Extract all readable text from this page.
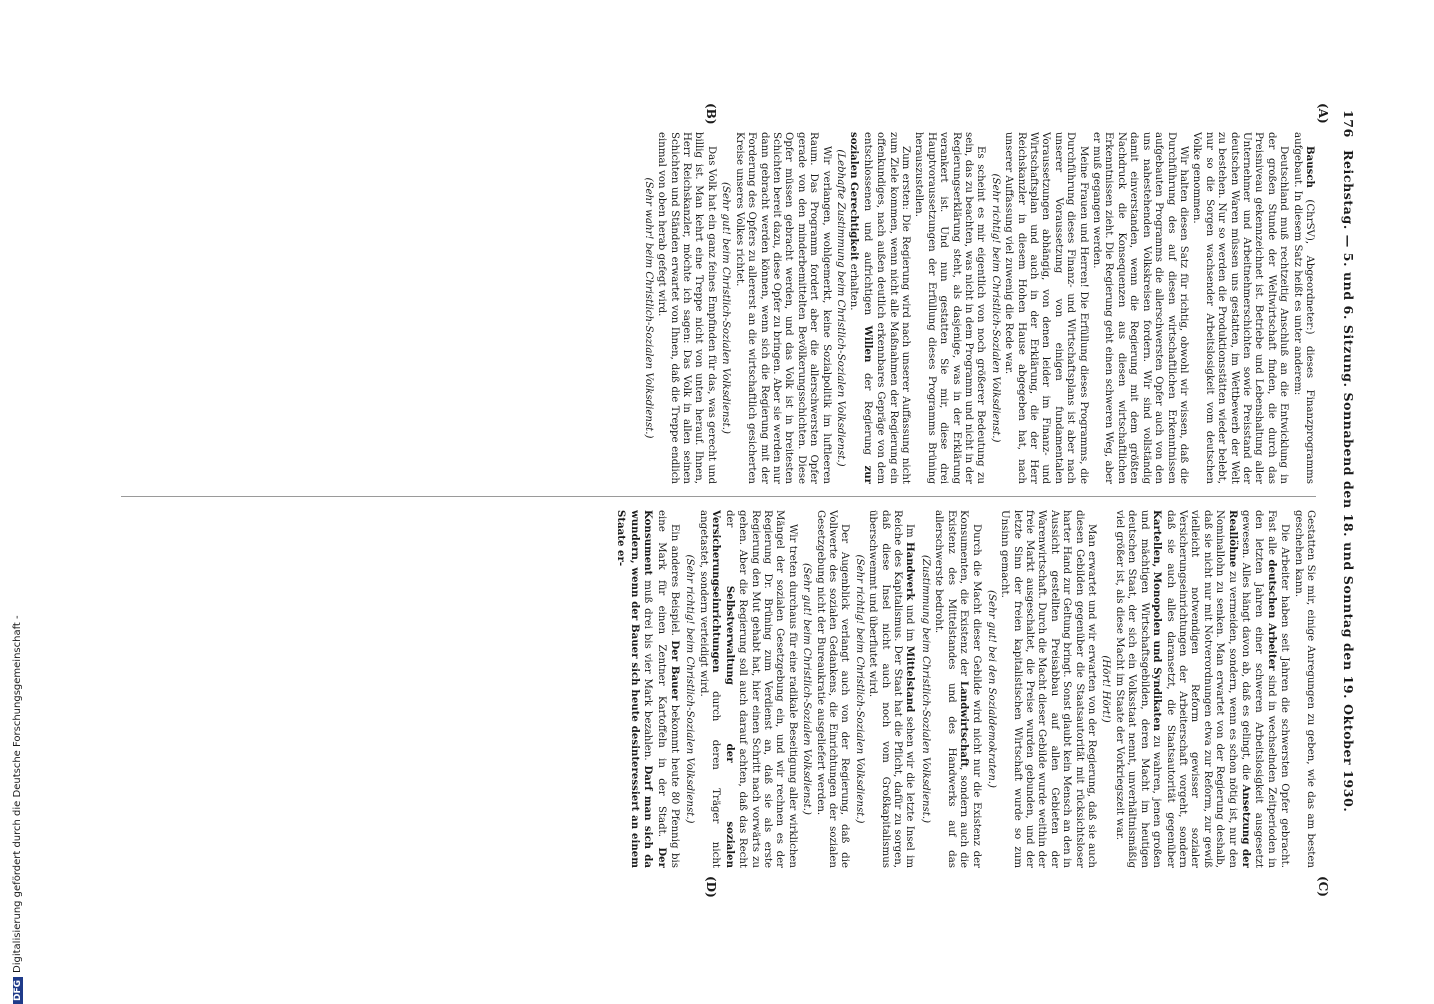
176
Reichstag. — 5. und 6. Sitzung. Sonnabend den 18. und Sonntag den 19. Oktober 1930.
(A)
(B)
(C)
(D)

Bausch (ChrSV), Abgeordneter:) dieses Finanzprogramms aufgebaut. In diesem Satz heißt es unter anderem:

Deutschland muß rechtzeitig Anschluß an die Entwicklung in der großen Stunde der Weltwirtschaft finden, die durch das Preisniveau gekennzeichnet ist. Betriebe und Lebenshaltung aller Unternehmer und Arbeitnehmerschichten sowie Preisstand der deutschen Waren müssen uns gestatten, im Wettbewerb der Welt zu bestehen. Nur so werden die Produktionsstätten wieder belebt, nur so die Sorgen wachsender Arbeitslosigkeit vom deutschen Volke genommen.

Wir halten diesen Satz für richtig, obwohl wir wissen, daß die Durchführung des auf diesen wirtschaftlichen Erkenntnissen aufgebauten Programms die allerschwersten Opfer auch von den uns nahestehenden Volkskreisen fordern. Wir sind vollständig damit einverstanden, wenn die Regierung mit dem größten Nachdruck die Konsequenzen aus diesen wirtschaftlichen Erkenntnissen zieht. Die Regierung geht einen schweren Weg, aber er muß gegangen werden.

Meine Frauen und Herren! Die Erfüllung dieses Programms, die Durchführung dieses Finanz- und Wirtschaftsplans ist aber nach unserer Voraussetzung von einigen fundamentalen Voraussetzungen abhängig, von denen leider im Finanz- und Wirtschaftsplan und auch in der Erklärung, die der Herr Reichskanzler in diesem Hohen Hause abgegeben hat, nach unserer Auffassung viel zuwenig die Rede war.

(Sehr richtig! beim Christlich-Sozialen Volksdienst.)

Es scheint es mir eigentlich von noch größerer Bedeutung zu sein, das zu beachten, was nicht in dem Programm und nicht in der Regierungserklärung steht, als dasjenige, was in der Erklärung verankert ist. Und nun gestatten Sie mir, diese drei Hauptvoraussetzungen der Erfüllung dieses Programms Brüning herauszustellen.

Zum ersten: Die Regierung wird nach unserer Auffassung nicht zum Ziele kommen, wenn nicht alle Maßnahmen der Regierung ein offenkundiges, nach außen deutlich erkennbares Gepräge von dem entschlossenen und aufrichtigen Willen der Regierung zur sozialen Gerechtigkeit erhalten.

(Lebhafte Zustimmung beim Christlich-Sozialen Volksdienst.)

Wir verlangen, wohlgemerkt, keine Sozialpolitik im luftleeren Raum. Das Programm fordert aber die allerschwersten Opfer gerade von den minderbemittelten Bevölkerungsschichten. Diese Opfer müssen gebracht werden, und das Volk ist in breitesten Schichten bereit dazu, diese Opfer zu bringen. Aber sie werden nur dann gebracht werden können, wenn sich die Regierung mit der Forderung des Opfers zu allererst an die wirtschaftlich gesicherten Kreise unseres Volkes richtet.

(Sehr gut! beim Christlich-Sozialen Volksdienst.)

Das Volk hat ein ganz feines Empfinden für das, was gerecht und billig ist. Man kehrt eine Treppe nicht von unten herauf. Ihnen, Herr Reichskanzler, möchte ich sagen: Das Volk in allen seinen Schichten und Ständen erwartet von Ihnen, daß die Treppe endlich einmal von oben herab gefegt wird.

(Sehr wahr! beim Christlich-Sozialen Volksdienst.)

Gestatten Sie mir, einige Anregungen zu geben, wie das am besten geschehen kann.

Die Arbeiter haben seit Jahren die schwersten Opfer gebracht. Fast alle deutschen Arbeiter sind in wechselnden Zeitperioden in den letzten Jahren einer schweren Arbeitslosigkeit ausgesetzt gewesen. Alles hängt davon ab, daß es gelingt, die Ansetzung der Reallöhne zu vermeiden, sondern, wenn es schon nötig ist, nur den Nominallohn zu senken. Man erwartet von der Regierung deshalb, daß sie nicht nur mit Notverordnungen etwa zur Reform, zur gewiß vielleicht notwendigen Reform gewisser sozialer Versicherungseinrichtungen der Arbeiterschaft vorgeht, sondern daß sie auch alles daransetzt, die Staatsautorität gegenüber Kartellen, Monopolen und Syndikaten zu wahren, jenen großen und mächtigen Wirtschaftsgebilden, deren Macht im heutigen deutschen Staat, der sich ein Volksstaat nennt, unverhältnismäßig viel größer ist, als diese Macht im Staate der Vorkriegszeit war.

(Hört! Hört!)

Man erwartet und wir erwarten von der Regierung, daß sie auch diesen Gebilden gegenüber die Staatsautorität mit rücksichtsloser harter Hand zur Geltung bringt. Sonst glaubt kein Mensch an den in Aussicht gestellten Preisabbau auf allen Gebieten der Warenwirtschaft. Durch die Macht dieser Gebilde wurde weithin der freie Markt ausgeschaltet, die Preise wurden gebunden, und der letzte Sinn der freien kapitalistischen Wirtschaft wurde so zum Unsinn gemacht.

(Sehr gut! bei den Sozialdemokraten.)

Durch die Macht dieser Gebilde wird nicht nur die Existenz der Konsumenten, die Existenz der Landwirtschaft, sondern auch die Existenz des Mittelstandes und des Handwerks auf das allerschwerste bedroht.

(Zustimmung beim Christlich-Sozialen Volksdienst.)

Im Handwerk und im Mittelstand sehen wir die letzte Insel im Reiche des Kapitalismus. Der Staat hat die Pflicht, dafür zu sorgen, daß diese Insel nicht auch noch vom Großkapitalismus überschwemmt und überflutet wird.

(Sehr richtig! beim Christlich-Sozialen Volksdienst.)

Der Augenblick verlangt auch von der Regierung, daß die Vollwerte des sozialen Gedankens, die Einrichtungen der sozialen Gesetzgebung nicht der Bureaukratie ausgeliefert werden.

(Sehr gut! beim Christlich-Sozialen Volksdienst.)

Wir treten durchaus für eine radikale Beseitigung aller wirklichen Mängel der sozialen Gesetzgebung ein, und wir rechnen es der Regierung Dr. Brüning zum Verdienst an, daß sie als erste Regierung den Mut gehabt hat, hier einen Schritt nach vorwärts zu gehen. Aber die Regierung soll auch darauf achten, daß das Recht der Selbstverwaltung der sozialen Versicherungseinrichtungen durch deren Träger nicht angetastet, sondern verteidigt wird.

(Sehr richtig! beim Christlich-Sozialen Volksdienst.)

Ein anderes Beispiel. Der Bauer bekommt heute 80 Pfennig bis eine Mark für einen Zentner Kartoffeln in der Stadt. Der Konsument muß drei bis vier Mark bezahlen. Darf man sich da wundern, wenn der Bauer sich heute desinteressiert an einem Staate er-

DFGDigitalisierung gefördert durch die Deutsche Forschungsgemeinschaft -
